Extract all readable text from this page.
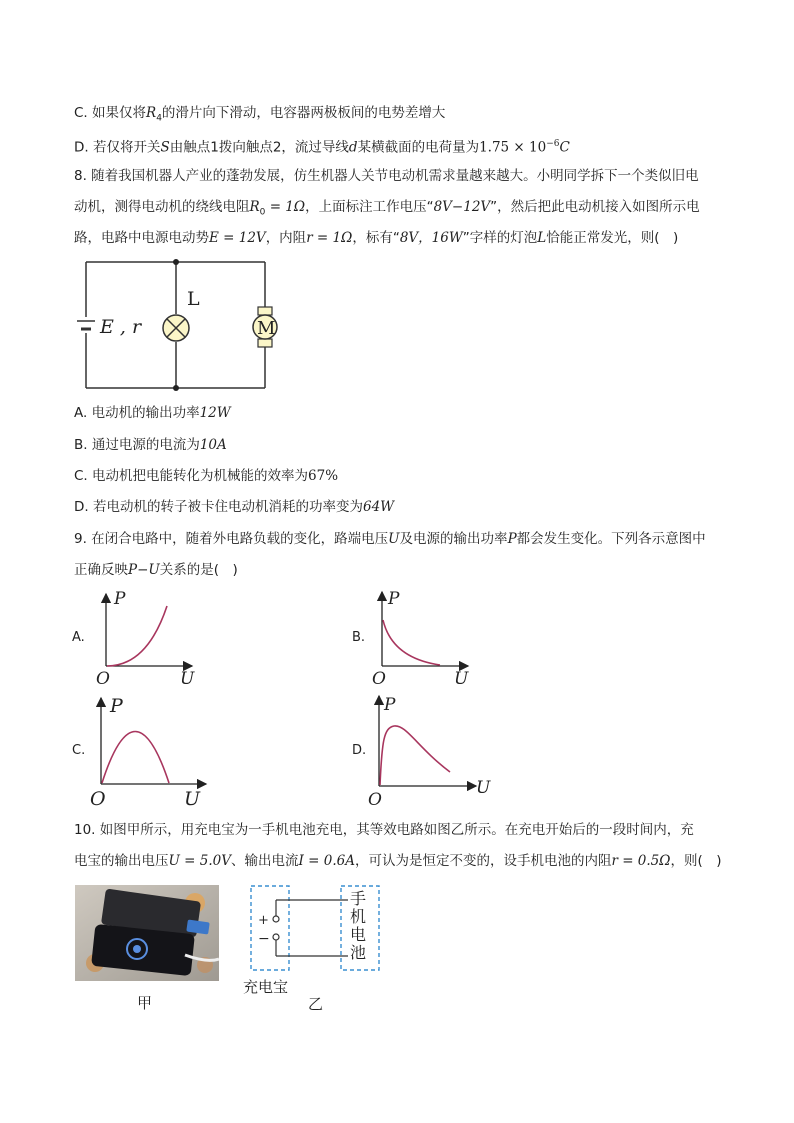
C. 如果仅将$R_4$的滑片向下滑动，电容器两极板间的电势差增大
D. 若仅将开关S由触点1拨向触点2，流过导线d某横截面的电荷量为$1.75 \times 10^{-6}C$
8. 随着我国机器人产业的蓬勃发展，仿生机器人关节电动机需求量越来越大。小明同学拆下一个类似旧电
动机，测得电动机的绕线电阻$R_0 = 1\Omega$，上面标注工作电压“8V−12V”，然后把此电动机接入如图所示电
路，电路中电源电动势E = 12V，内阻r = 1Ω，标有“8V，16W”字样的灯泡L恰能正常发光，则(　)
E , r
L
M
A. 电动机的输出功率12W
B. 通过电源的电流为10A
C. 电动机把电能转化为机械能的效率为67%
D. 若电动机的转子被卡住电动机消耗的功率变为64W
9. 在闭合电路中，随着外电路负载的变化，路端电压U及电源的输出功率P都会发生变化。下列各示意图中
正确反映P−U关系的是(　)
A.
P
O	U
B.
P
O	U
C.
P
O	U
D.
P
O
U
10. 如图甲所示，用充电宝为一手机电池充电，其等效电路如图乙所示。在充电开始后的一段时间内，充
电宝的输出电压U = 5.0V、输出电流I = 0.6A，可认为是恒定不变的，设手机电池的内阻r = 0.5Ω，则(　)
甲
+
−
手
机
电
池
充电宝
乙
